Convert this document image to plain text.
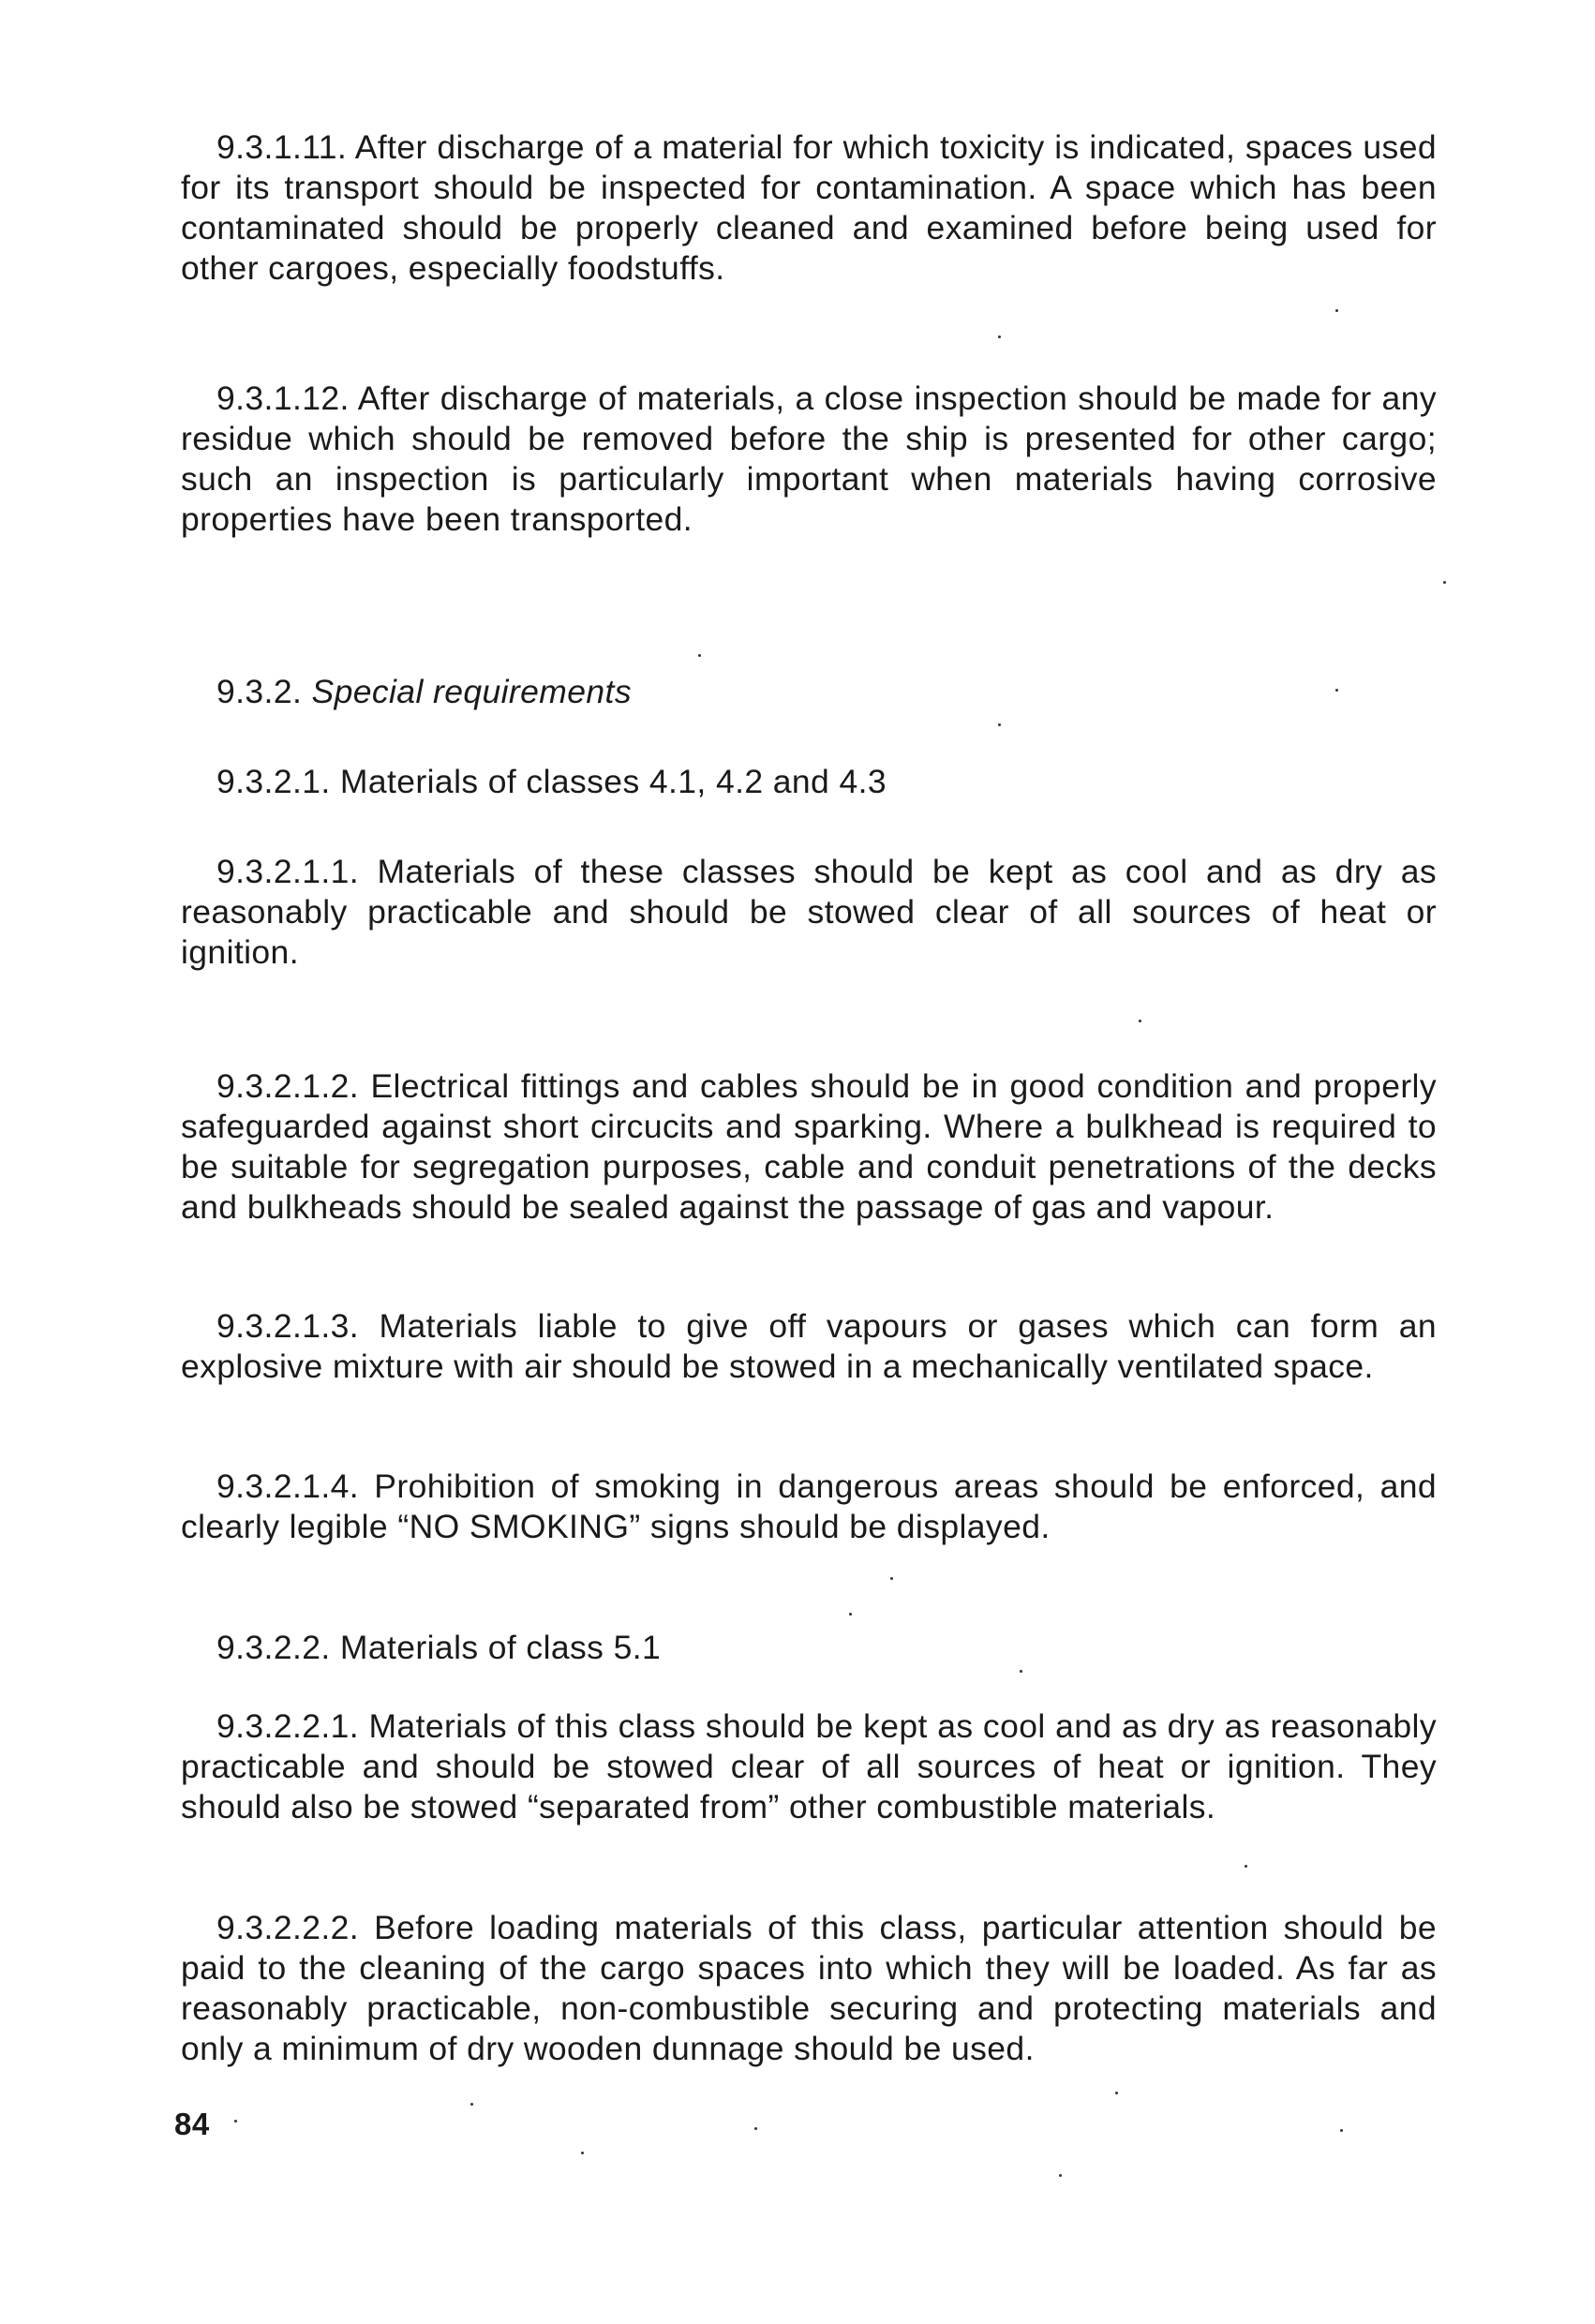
9.3.1.11. After discharge of a material for which toxicity is indicated, spaces used for its transport should be inspected for contamination. A space which has been contaminated should be properly cleaned and examined before being used for other cargoes, especially foodstuffs.

9.3.1.12. After discharge of materials, a close inspection should be made for any residue which should be removed before the ship is presented for other cargo; such an inspection is particularly important when materials having corrosive properties have been transported.

9.3.2. Special requirements

9.3.2.1. Materials of classes 4.1, 4.2 and 4.3

9.3.2.1.1. Materials of these classes should be kept as cool and as dry as reasonably practicable and should be stowed clear of all sources of heat or ignition.

9.3.2.1.2. Electrical fittings and cables should be in good condition and properly safeguarded against short circucits and sparking. Where a bulkhead is required to be suitable for segregation purposes, cable and conduit penetrations of the decks and bulkheads should be sealed against the passage of gas and vapour.

9.3.2.1.3. Materials liable to give off vapours or gases which can form an explosive mixture with air should be stowed in a mechanically ventilated space.

9.3.2.1.4. Prohibition of smoking in dangerous areas should be enforced, and clearly legible “NO SMOKING” signs should be displayed.

9.3.2.2. Materials of class 5.1

9.3.2.2.1. Materials of this class should be kept as cool and as dry as reasonably practicable and should be stowed clear of all sources of heat or ignition. They should also be stowed “separated from” other combustible materials.

9.3.2.2.2. Before loading materials of this class, particular attention should be paid to the cleaning of the cargo spaces into which they will be loaded. As far as reasonably practicable, non-combustible securing and protecting materials and only a minimum of dry wooden dunnage should be used.

84
